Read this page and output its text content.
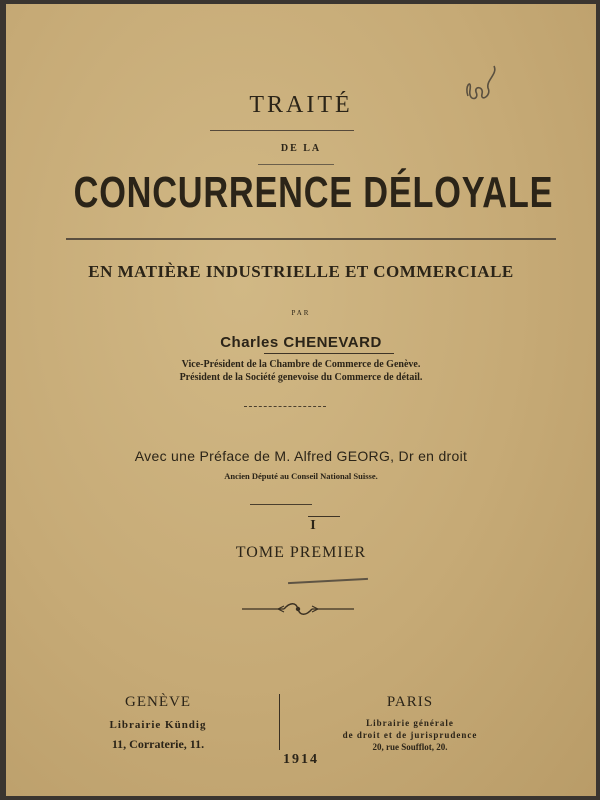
TRAITÉ
DE LA
CONCURRENCE DÉLOYALE
EN MATIÈRE INDUSTRIELLE ET COMMERCIALE
PAR
Charles CHENEVARD
Vice-Président de la Chambre de Commerce de Genève.
Président de la Société genevoise du Commerce de détail.
Avec une Préface de M. Alfred GEORG, Dr en droit
Ancien Député au Conseil National Suisse.
I
TOME PREMIER
GENÈVE
Librairie Kündig
11, Corraterie, 11.
PARIS
Librairie générale
de droit et de jurisprudence
20, rue Soufflot, 20.
1914
